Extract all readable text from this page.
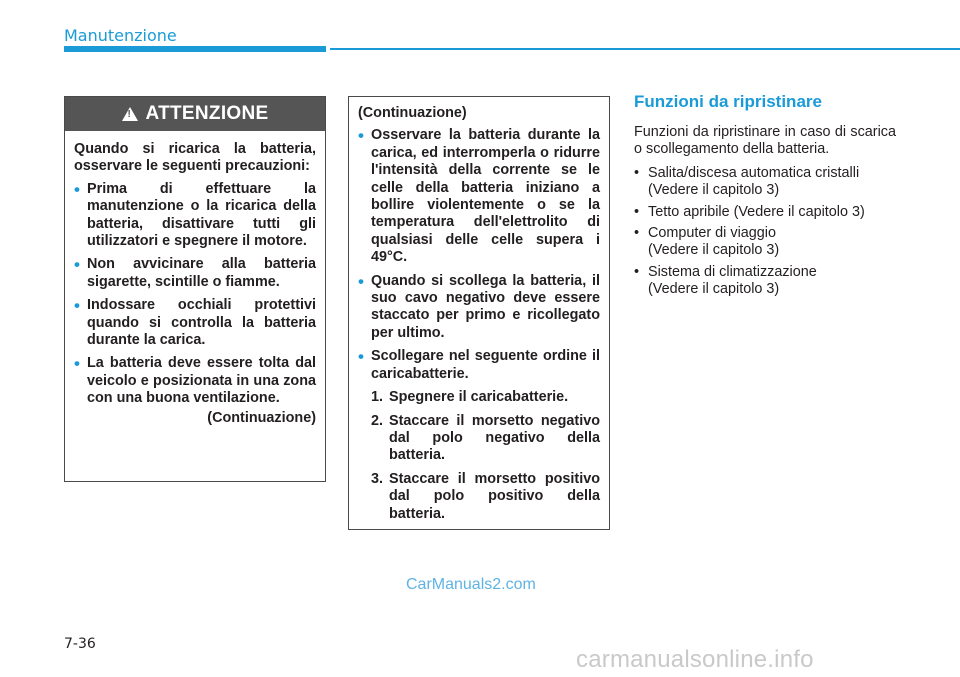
Manutenzione
!
ATTENZIONE

Quando si ricarica la batteria, osservare le seguenti precauzioni:

• Prima di effettuare la manutenzione o la ricarica della batteria, disattivare tutti gli utilizzatori e spegnere il motore.
• Non avvicinare alla batteria sigarette, scintille o fiamme.
• Indossare occhiali protettivi quando si controlla la batteria durante la carica.
• La batteria deve essere tolta dal veicolo e posizionata in una zona con una buona ventilazione.
(Continuazione)

(Continuazione)

• Osservare la batteria durante la carica, ed interromperla o ridurre l'intensità della corrente se le celle della batteria iniziano a bollire violentemente o se la temperatura dell'elettrolito di qualsiasi delle celle supera i 49°C.
• Quando si scollega la batteria, il suo cavo negativo deve essere staccato per primo e ricollegato per ultimo.
• Scollegare nel seguente ordine il caricabatterie.
1. Spegnere il caricabatterie.
2. Staccare il morsetto negativo dal polo negativo della batteria.
3. Staccare il morsetto positivo dal polo positivo della batteria.
Funzioni da ripristinare

Funzioni da ripristinare in caso di scarica o scollegamento della batteria.

• Salita/discesa automatica cristalli
(Vedere il capitolo 3)
• Tetto apribile (Vedere il capitolo 3)
• Computer di viaggio
(Vedere il capitolo 3)
• Sistema di climatizzazione
(Vedere il capitolo 3)
CarManuals2.com
7-36
carmanualsonline.info
